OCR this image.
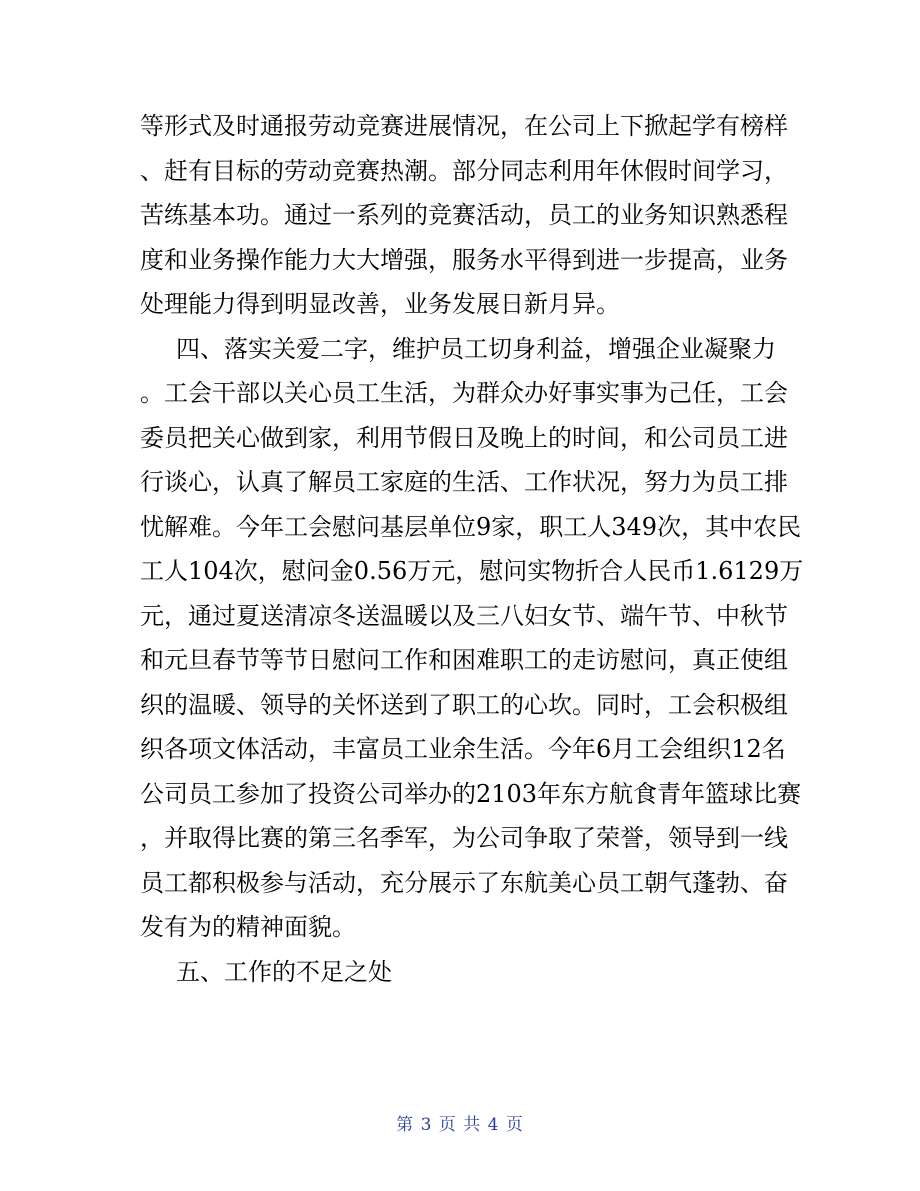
等形式及时通报劳动竞赛进展情况，在公司上下掀起学有榜样
、赶有目标的劳动竞赛热潮。部分同志利用年休假时间学习，
苦练基本功。通过一系列的竞赛活动，员工的业务知识熟悉程
度和业务操作能力大大增强，服务水平得到进一步提高，业务
处理能力得到明显改善，业务发展日新月异。
四、落实关爱二字，维护员工切身利益，增强企业凝聚力
。工会干部以关心员工生活，为群众办好事实事为己任，工会
委员把关心做到家，利用节假日及晚上的时间，和公司员工进
行谈心，认真了解员工家庭的生活、工作状况，努力为员工排
忧解难。今年工会慰问基层单位9家，职工人349次，其中农民
工人104次，慰问金0.56万元，慰问实物折合人民币1.6129万
元，通过夏送清凉冬送温暖以及三八妇女节、端午节、中秋节
和元旦春节等节日慰问工作和困难职工的走访慰问，真正使组
织的温暖、领导的关怀送到了职工的心坎。同时，工会积极组
织各项文体活动，丰富员工业余生活。今年6月工会组织12名
公司员工参加了投资公司举办的2103年东方航食青年篮球比赛
，并取得比赛的第三名季军，为公司争取了荣誉，领导到一线
员工都积极参与活动，充分展示了东航美心员工朝气蓬勃、奋
发有为的精神面貌。
五、工作的不足之处
第 3 页 共 4 页
